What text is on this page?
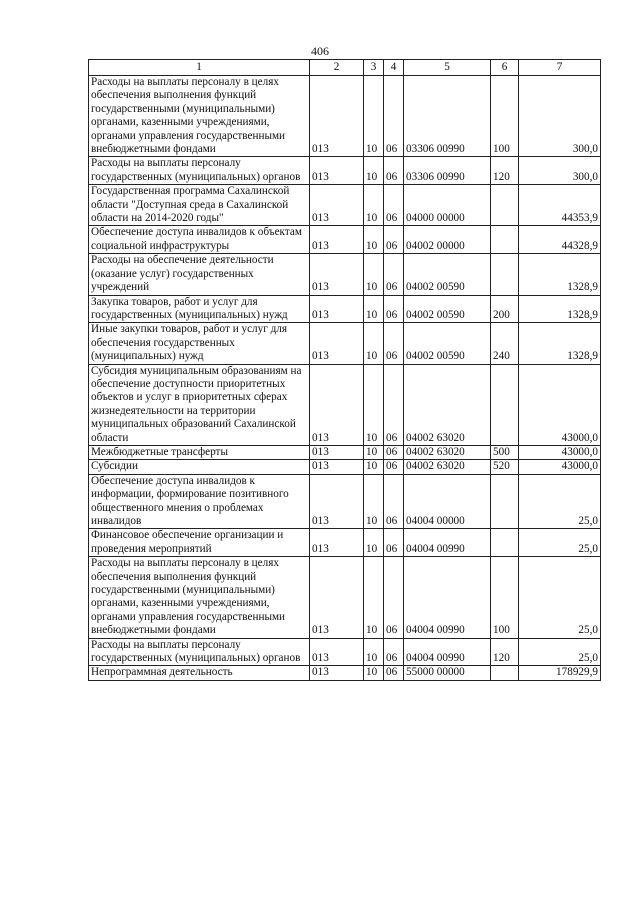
406
1	2	3	4	5	6	7
Расходы на выплаты персоналу в целях обеспечения выполнения функций государственными (муниципальными) органами, казенными учреждениями, органами управления государственными внебюджетными фондами	013	10	06	03306 00990	100	300,0
Расходы на выплаты персоналу государственных (муниципальных) органов	013	10	06	03306 00990	120	300,0
Государственная программа Сахалинской области "Доступная среда в Сахалинской области на 2014-2020 годы"	013	10	06	04000 00000		44353,9
Обеспечение доступа инвалидов к объектам социальной инфраструктуры	013	10	06	04002 00000		44328,9
Расходы на обеспечение деятельности (оказание услуг) государственных учреждений	013	10	06	04002 00590		1328,9
Закупка товаров, работ и услуг для государственных (муниципальных) нужд	013	10	06	04002 00590	200	1328,9
Иные закупки товаров, работ и услуг для обеспечения государственных (муниципальных) нужд	013	10	06	04002 00590	240	1328,9
Субсидия муниципальным образованиям на обеспечение доступности приоритетных объектов и услуг в приоритетных сферах жизнедеятельности на территории муниципальных образований Сахалинской области	013	10	06	04002 63020		43000,0
Межбюджетные трансферты	013	10	06	04002 63020	500	43000,0
Субсидии	013	10	06	04002 63020	520	43000,0
Обеспечение доступа инвалидов к информации, формирование позитивного общественного мнения о проблемах инвалидов	013	10	06	04004 00000		25,0
Финансовое обеспечение организации и проведения мероприятий	013	10	06	04004 00990		25,0
Расходы на выплаты персоналу в целях обеспечения выполнения функций государственными (муниципальными) органами, казенными учреждениями, органами управления государственными внебюджетными фондами	013	10	06	04004 00990	100	25,0
Расходы на выплаты персоналу государственных (муниципальных) органов	013	10	06	04004 00990	120	25,0
Непрограммная деятельность	013	10	06	55000 00000		178929,9
